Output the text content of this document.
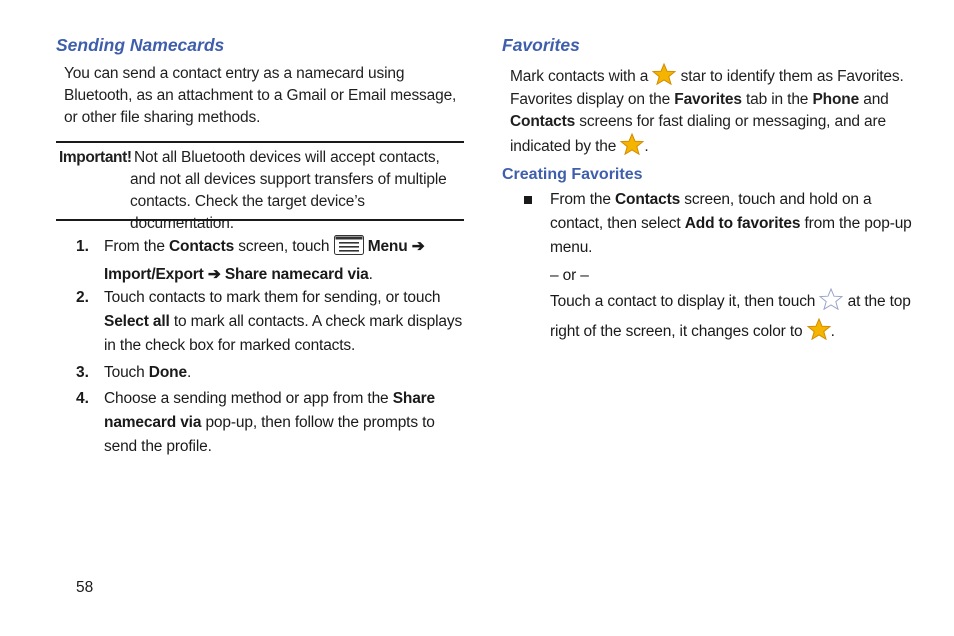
Sending Namecards

You can send a contact entry as a namecard using Bluetooth, as an attachment to a Gmail or Email message, or other file sharing methods.

Important! Not all Bluetooth devices will accept contacts, and not all devices support transfers of multiple contacts. Check the target device’s documentation.

1. From the Contacts screen, touch  Menu ➔ Import/Export ➔ Share namecard via.
2. Touch contacts to mark them for sending, or touch Select all to mark all contacts. A check mark displays in the check box for marked contacts.
3. Touch Done.
4. Choose a sending method or app from the Share namecard via pop-up, then follow the prompts to send the profile.
Favorites

Mark contacts with a  star to identify them as Favorites.

Favorites display on the Favorites tab in the Phone and Contacts screens for fast dialing or messaging, and are indicated by the .

Creating Favorites
From the Contacts screen, touch and hold on a contact, then select Add to favorites from the pop-up menu.
– or –
Touch a contact to display it, then touch  at the top right of the screen, it changes color to .
58
